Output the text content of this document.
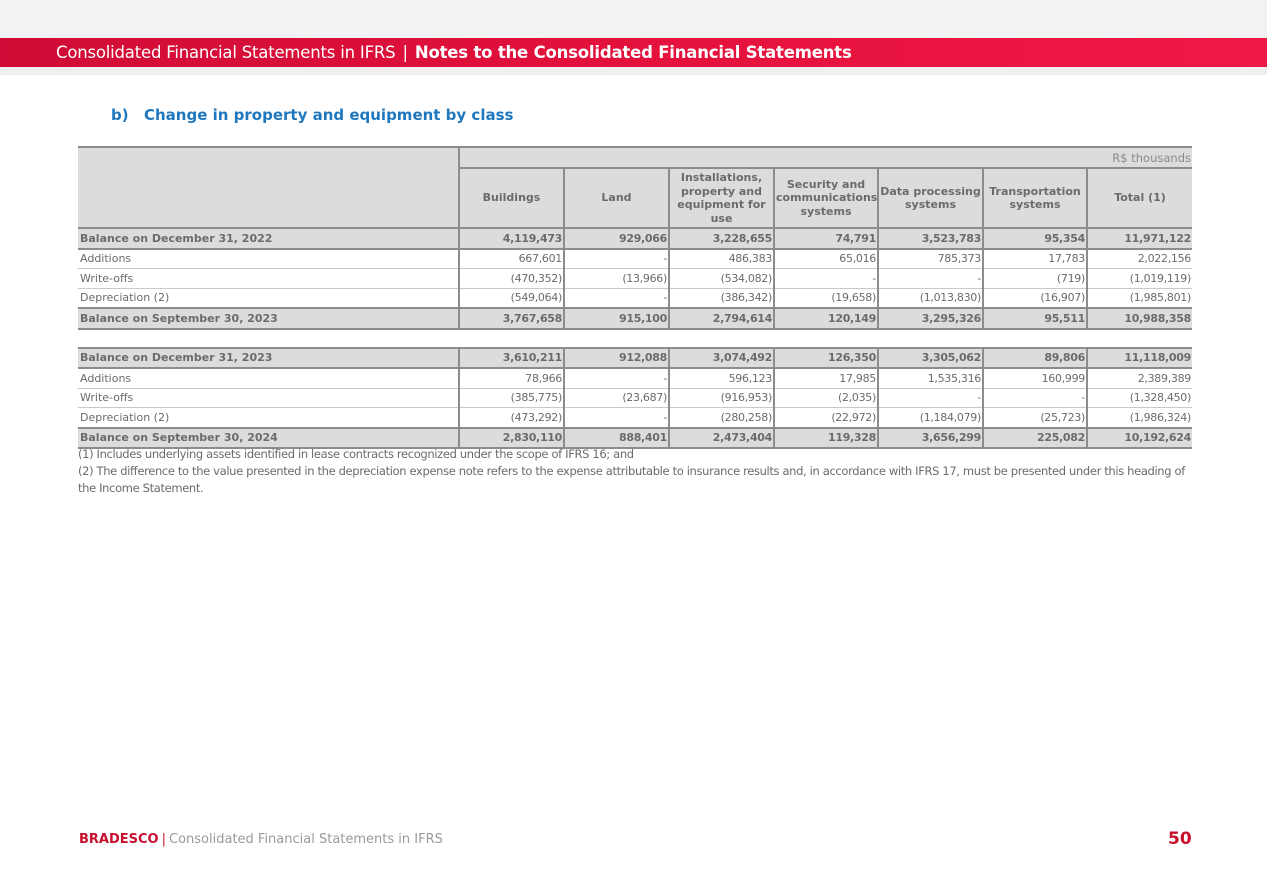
Consolidated Financial Statements in IFRS | Notes to the Consolidated Financial Statements
b) Change in property and equipment by class
	R$ thousands						
	Buildings	Land	Installations, property and equipment for use	Security and communications systems	Data processing systems	Transportation systems	Total (1)
Balance on December 31, 2022	4,119,473	929,066	3,228,655	74,791	3,523,783	95,354	11,971,122
Additions	667,601	-	486,383	65,016	785,373	17,783	2,022,156
Write-offs	(470,352)	(13,966)	(534,082)	-	-	(719)	(1,019,119)
Depreciation (2)	(549,064)	-	(386,342)	(19,658)	(1,013,830)	(16,907)	(1,985,801)
Balance on September 30, 2023	3,767,658	915,100	2,794,614	120,149	3,295,326	95,511	10,988,358

Balance on December 31, 2023	3,610,211	912,088	3,074,492	126,350	3,305,062	89,806	11,118,009
Additions	78,966	-	596,123	17,985	1,535,316	160,999	2,389,389
Write-offs	(385,775)	(23,687)	(916,953)	(2,035)	-	-	(1,328,450)
Depreciation (2)	(473,292)	-	(280,258)	(22,972)	(1,184,079)	(25,723)	(1,986,324)
Balance on September 30, 2024	2,830,110	888,401	2,473,404	119,328	3,656,299	225,082	10,192,624

(1) Includes underlying assets identified in lease contracts recognized under the scope of IFRS 16; and

(2) The difference to the value presented in the depreciation expense note refers to the expense attributable to insurance results and, in accordance with IFRS 17, must be presented under this heading of the Income Statement.

BRADESCO | Consolidated Financial Statements in IFRS	50
